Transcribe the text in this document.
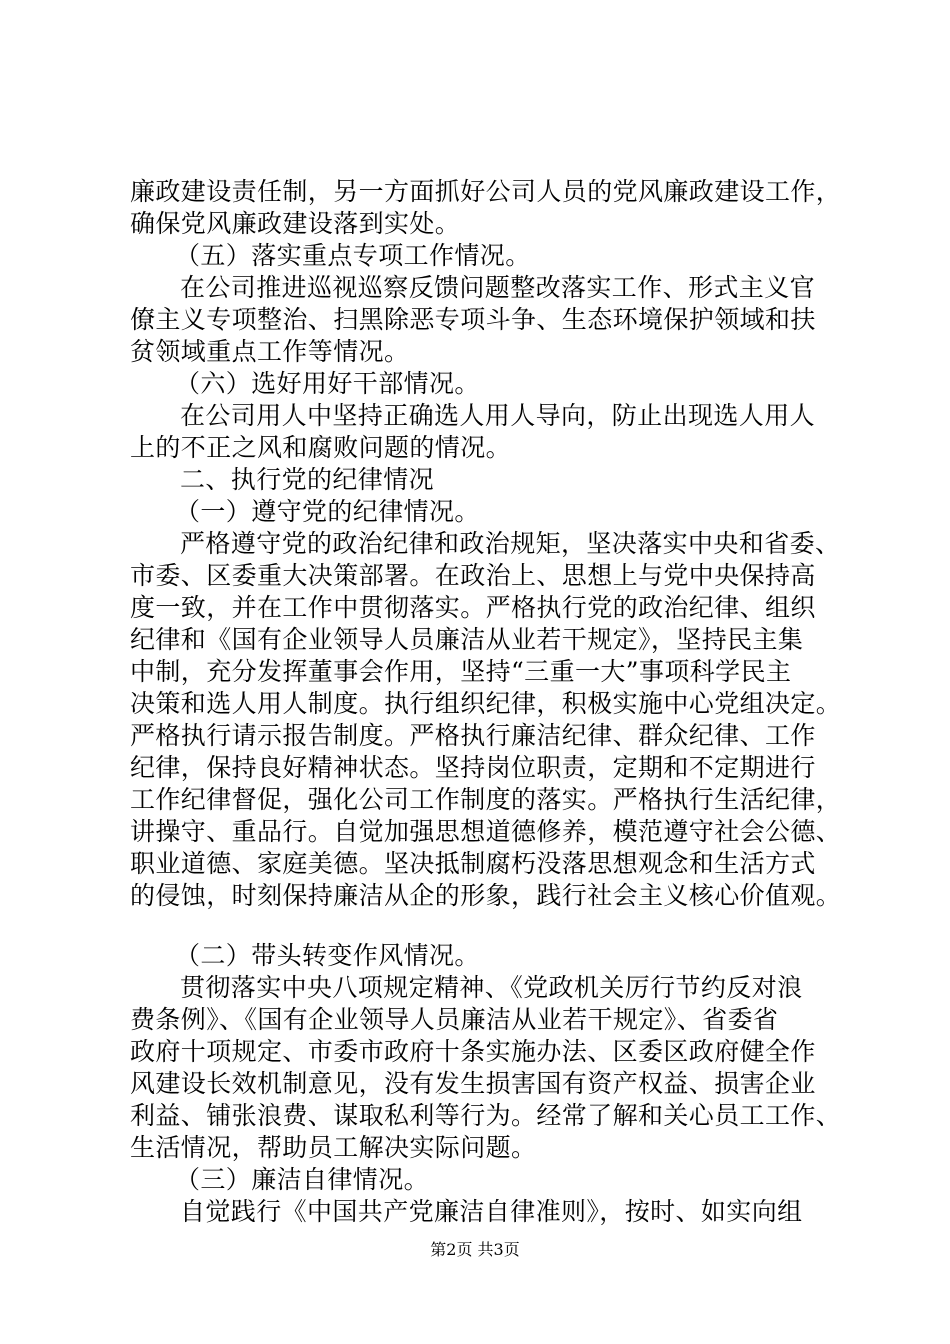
廉政建设责任制，另一方面抓好公司人员的党风廉政建设工作，
确保党风廉政建设落到实处。
（五）落实重点专项工作情况。
在公司推进巡视巡察反馈问题整改落实工作、形式主义官
僚主义专项整治、扫黑除恶专项斗争、生态环境保护领域和扶
贫领域重点工作等情况。
（六）选好用好干部情况。
在公司用人中坚持正确选人用人导向，防止出现选人用人
上的不正之风和腐败问题的情况。
二、执行党的纪律情况
（一）遵守党的纪律情况。
严格遵守党的政治纪律和政治规矩，坚决落实中央和省委、
市委、区委重大决策部署。在政治上、思想上与党中央保持高
度一致，并在工作中贯彻落实。严格执行党的政治纪律、组织
纪律和《国有企业领导人员廉洁从业若干规定》，坚持民主集
中制，充分发挥董事会作用，坚持“三重一大”事项科学民主
决策和选人用人制度。执行组织纪律，积极实施中心党组决定。
严格执行请示报告制度。严格执行廉洁纪律、群众纪律、工作
纪律，保持良好精神状态。坚持岗位职责，定期和不定期进行
工作纪律督促，强化公司工作制度的落实。严格执行生活纪律，
讲操守、重品行。自觉加强思想道德修养，模范遵守社会公德、
职业道德、家庭美德。坚决抵制腐朽没落思想观念和生活方式
的侵蚀，时刻保持廉洁从企的形象，践行社会主义核心价值观。
（二）带头转变作风情况。
贯彻落实中央八项规定精神、《党政机关厉行节约反对浪
费条例》、《国有企业领导人员廉洁从业若干规定》、省委省
政府十项规定、市委市政府十条实施办法、区委区政府健全作
风建设长效机制意见，没有发生损害国有资产权益、损害企业
利益、铺张浪费、谋取私利等行为。经常了解和关心员工工作、
生活情况，帮助员工解决实际问题。
（三）廉洁自律情况。
自觉践行《中国共产党廉洁自律准则》，按时、如实向组
第2页 共3页
